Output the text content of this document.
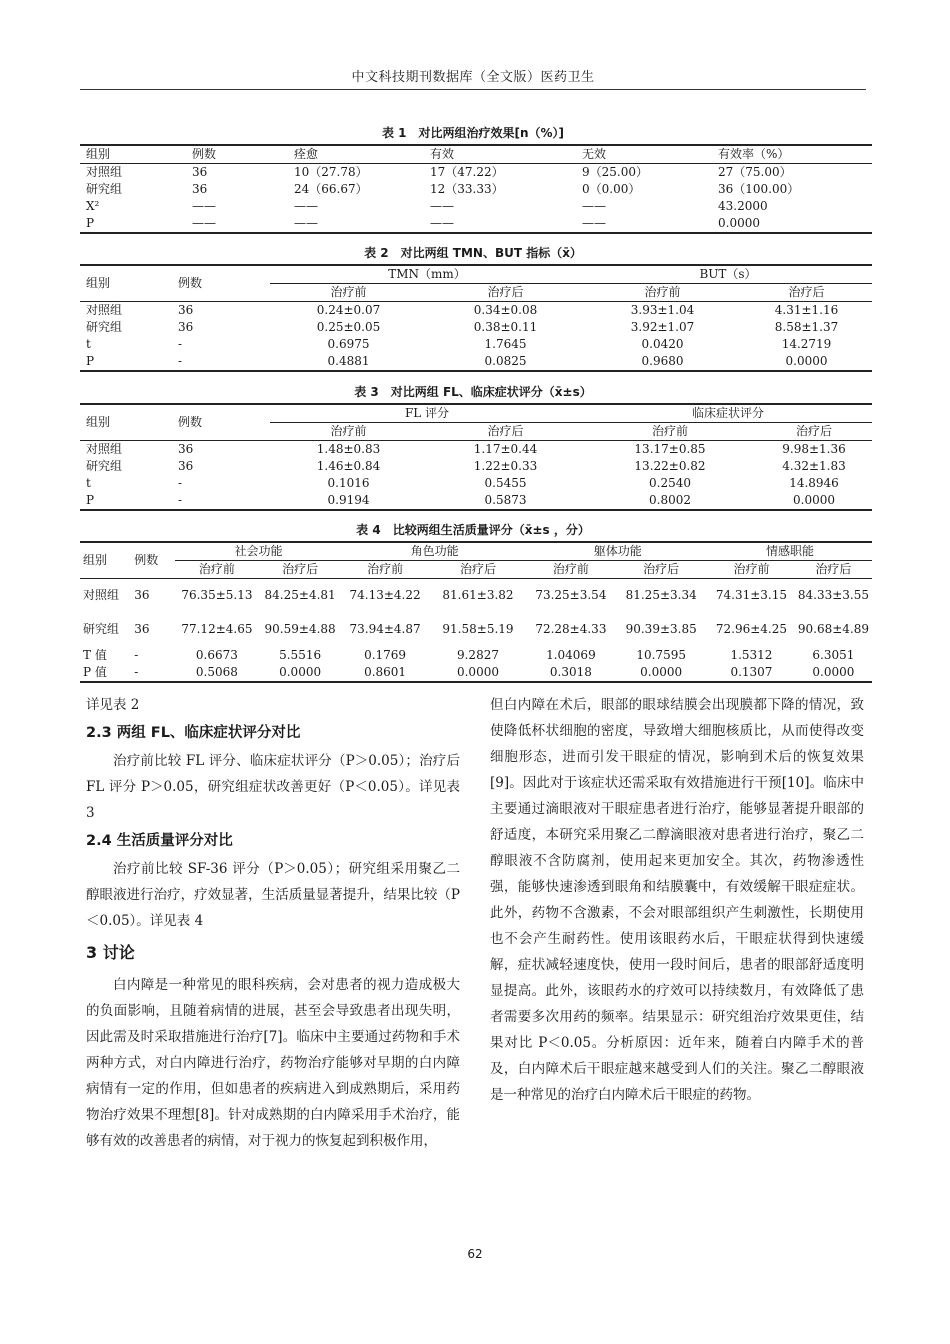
中文科技期刊数据库（全文版）医药卫生
表 1　对比两组治疗效果[n（%）]
组别	例数	痊愈	有效	无效	有效率（%）
对照组	36	10（27.78）	17（47.22）	9（25.00）	27（75.00）
研究组	36	24（66.67）	12（33.33）	0（0.00）	36（100.00）
X²	——	——	——	——	43.2000
P	——	——	——	——	0.0000
表 2　对比两组 TMN、BUT 指标（x̄）
组别	例数	TMN（mm）		BUT（s）	
		治疗前	治疗后	治疗前	治疗后
对照组	36	0.24±0.07	0.34±0.08	3.93±1.04	4.31±1.16
研究组	36	0.25±0.05	0.38±0.11	3.92±1.07	8.58±1.37
t	-	0.6975	1.7645	0.0420	14.2719
P	-	0.4881	0.0825	0.9680	0.0000
表 3　对比两组 FL、临床症状评分（x̄±s）
组别	例数	FL 评分		临床症状评分	
		治疗前	治疗后	治疗前	治疗后
对照组	36	1.48±0.83	1.17±0.44	13.17±0.85	9.98±1.36
研究组	36	1.46±0.84	1.22±0.33	13.22±0.82	4.32±1.83
t	-	0.1016	0.5455	0.2540	14.8946
P	-	0.9194	0.5873	0.8002	0.0000
表 4　比较两组生活质量评分（x̄±s ，分）
组别	例数	社会功能		角色功能		躯体功能		情感职能	
		治疗前	治疗后	治疗前	治疗后	治疗前	治疗后	治疗前	治疗后
对照组	36	76.35±5.13	84.25±4.81	74.13±4.22	81.61±3.82	73.25±3.54	81.25±3.34	74.31±3.15	84.33±3.55
研究组	36	77.12±4.65	90.59±4.88	73.94±4.87	91.58±5.19	72.28±4.33	90.39±3.85	72.96±4.25	90.68±4.89
T 值	-	0.6673	5.5516	0.1769	9.2827	1.04069	10.7595	1.5312	6.3051
P 值	-	0.5068	0.0000	0.8601	0.0000	0.3018	0.0000	0.1307	0.0000

详见表 2

2.3 两组 FL、临床症状评分对比

治疗前比较 FL 评分、临床症状评分（P＞0.05）；治疗后 FL 评分 P＞0.05，研究组症状改善更好（P＜0.05）。详见表 3

2.4 生活质量评分对比

治疗前比较 SF-36 评分（P＞0.05）；研究组采用聚乙二醇眼液进行治疗，疗效显著，生活质量显著提升，结果比较（P＜0.05）。详见表 4

3 讨论

白内障是一种常见的眼科疾病，会对患者的视力造成极大的负面影响，且随着病情的进展，甚至会导致患者出现失明，因此需及时采取措施进行治疗[7]。临床中主要通过药物和手术两种方式，对白内障进行治疗，药物治疗能够对早期的白内障病情有一定的作用，但如患者的疾病进入到成熟期后，采用药物治疗效果不理想[8]。针对成熟期的白内障采用手术治疗，能够有效的改善患者的病情，对于视力的恢复起到积极作用，

但白内障在术后，眼部的眼球结膜会出现膜都下降的情况，致使降低杯状细胞的密度，导致增大细胞核质比，从而使得改变细胞形态，进而引发干眼症的情况，影响到术后的恢复效果[9]。因此对于该症状还需采取有效措施进行干预[10]。临床中主要通过滴眼液对干眼症患者进行治疗，能够显著提升眼部的舒适度，本研究采用聚乙二醇滴眼液对患者进行治疗，聚乙二醇眼液不含防腐剂，使用起来更加安全。其次，药物渗透性强，能够快速渗透到眼角和结膜囊中，有效缓解干眼症症状。此外，药物不含激素，不会对眼部组织产生刺激性，长期使用也不会产生耐药性。使用该眼药水后，干眼症状得到快速缓解，症状减轻速度快，使用一段时间后，患者的眼部舒适度明显提高。此外，该眼药水的疗效可以持续数月，有效降低了患者需要多次用药的频率。结果显示：研究组治疗效果更佳，结果对比 P＜0.05。分析原因：近年来，随着白内障手术的普及，白内障术后干眼症越来越受到人们的关注。聚乙二醇眼液是一种常见的治疗白内障术后干眼症的药物。

62
